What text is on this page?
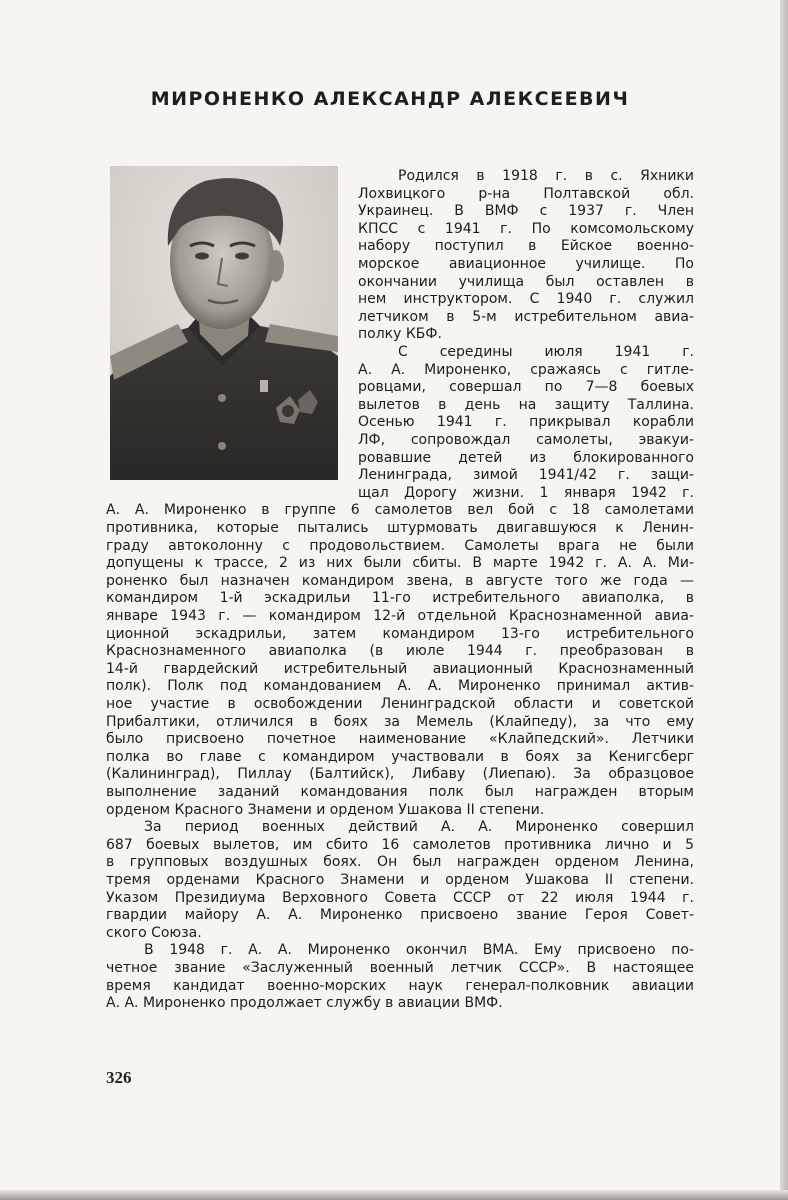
МИРОНЕНКО АЛЕКСАНДР АЛЕКСЕЕВИЧ
Родился в 1918 г. в с. Яхники
Лохвицкого р-на Полтавской обл.
Украинец. В ВМФ с 1937 г. Член
КПСС с 1941 г. По комсомольскому
набору поступил в Ейское военно-
морское авиационное училище. По
окончании училища был оставлен в
нем инструктором. С 1940 г. служил
летчиком в 5-м истребительном авиа-
полку КБФ.
С середины июля 1941 г.
А. А. Мироненко, сражаясь с гитле-
ровцами, совершал по 7—8 боевых
вылетов в день на защиту Таллина.
Осенью 1941 г. прикрывал корабли
ЛФ, сопровождал самолеты, эвакуи-
ровавшие детей из блокированного
Ленинграда, зимой 1941/42 г. защи-
щал Дорогу жизни. 1 января 1942 г.
А. А. Мироненко в группе 6 самолетов вел бой с 18 самолетами
противника, которые пытались штурмовать двигавшуюся к Ленин-
граду автоколонну с продовольствием. Самолеты врага не были
допущены к трассе, 2 из них были сбиты. В марте 1942 г. А. А. Ми-
роненко был назначен командиром звена, в августе того же года —
командиром 1-й эскадрильи 11-го истребительного авиаполка, в
январе 1943 г. — командиром 12-й отдельной Краснознаменной авиа-
ционной эскадрильи, затем командиром 13-го истребительного
Краснознаменного авиаполка (в июле 1944 г. преобразован в
14-й гвардейский истребительный авиационный Краснознаменный
полк). Полк под командованием А. А. Мироненко принимал актив-
ное участие в освобождении Ленинградской области и советской
Прибалтики, отличился в боях за Мемель (Клайпеду), за что ему
было присвоено почетное наименование «Клайпедский». Летчики
полка во главе с командиром участвовали в боях за Кенигсберг
(Калининград), Пиллау (Балтийск), Либаву (Лиепаю). За образцовое
выполнение заданий командования полк был награжден вторым
орденом Красного Знамени и орденом Ушакова II степени.
За период военных действий А. А. Мироненко совершил
687 боевых вылетов, им сбито 16 самолетов противника лично и 5
в групповых воздушных боях. Он был награжден орденом Ленина,
тремя орденами Красного Знамени и орденом Ушакова II степени.
Указом Президиума Верховного Совета СССР от 22 июля 1944 г.
гвардии майору А. А. Мироненко присвоено звание Героя Совет-
ского Союза.
В 1948 г. А. А. Мироненко окончил ВМА. Ему присвоено по-
четное звание «Заслуженный военный летчик СССР». В настоящее
время кандидат военно-морских наук генерал-полковник авиации
А. А. Мироненко продолжает службу в авиации ВМФ.
326
